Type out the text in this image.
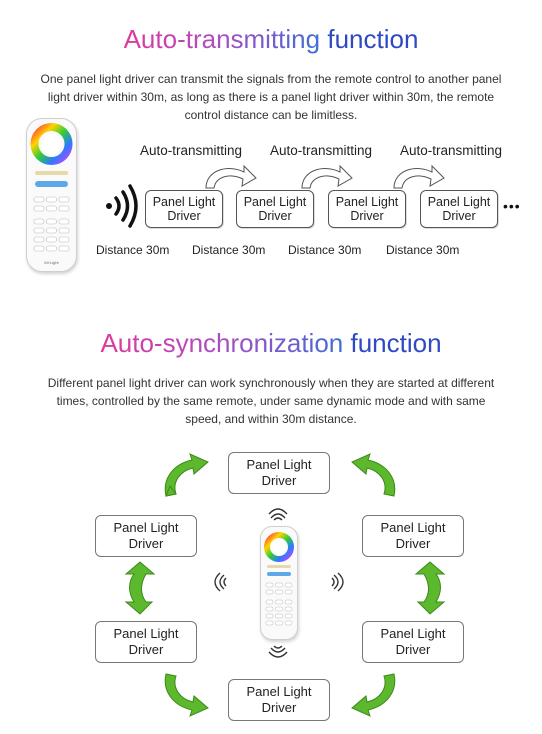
Auto-transmitting function
One panel light driver can transmit the signals from the remote control to another panel light driver within 30m, as long as there is a panel light driver within 30m, the remote control distance can be limitless.
Mi·Light
Auto-transmitting Auto-transmitting Auto-transmitting
Panel Light Driver
Panel Light Driver
Panel Light Driver
Panel Light Driver
•••
Distance 30m Distance 30m Distance 30m Distance 30m
Auto-synchronization function
Different panel light driver can work synchronously when they are started at different times, controlled by the same remote, under same dynamic mode and with same speed, and within 30m distance.
Panel Light Driver
Panel Light Driver
Panel Light Driver
Panel Light Driver
Panel Light Driver
Panel Light Driver
